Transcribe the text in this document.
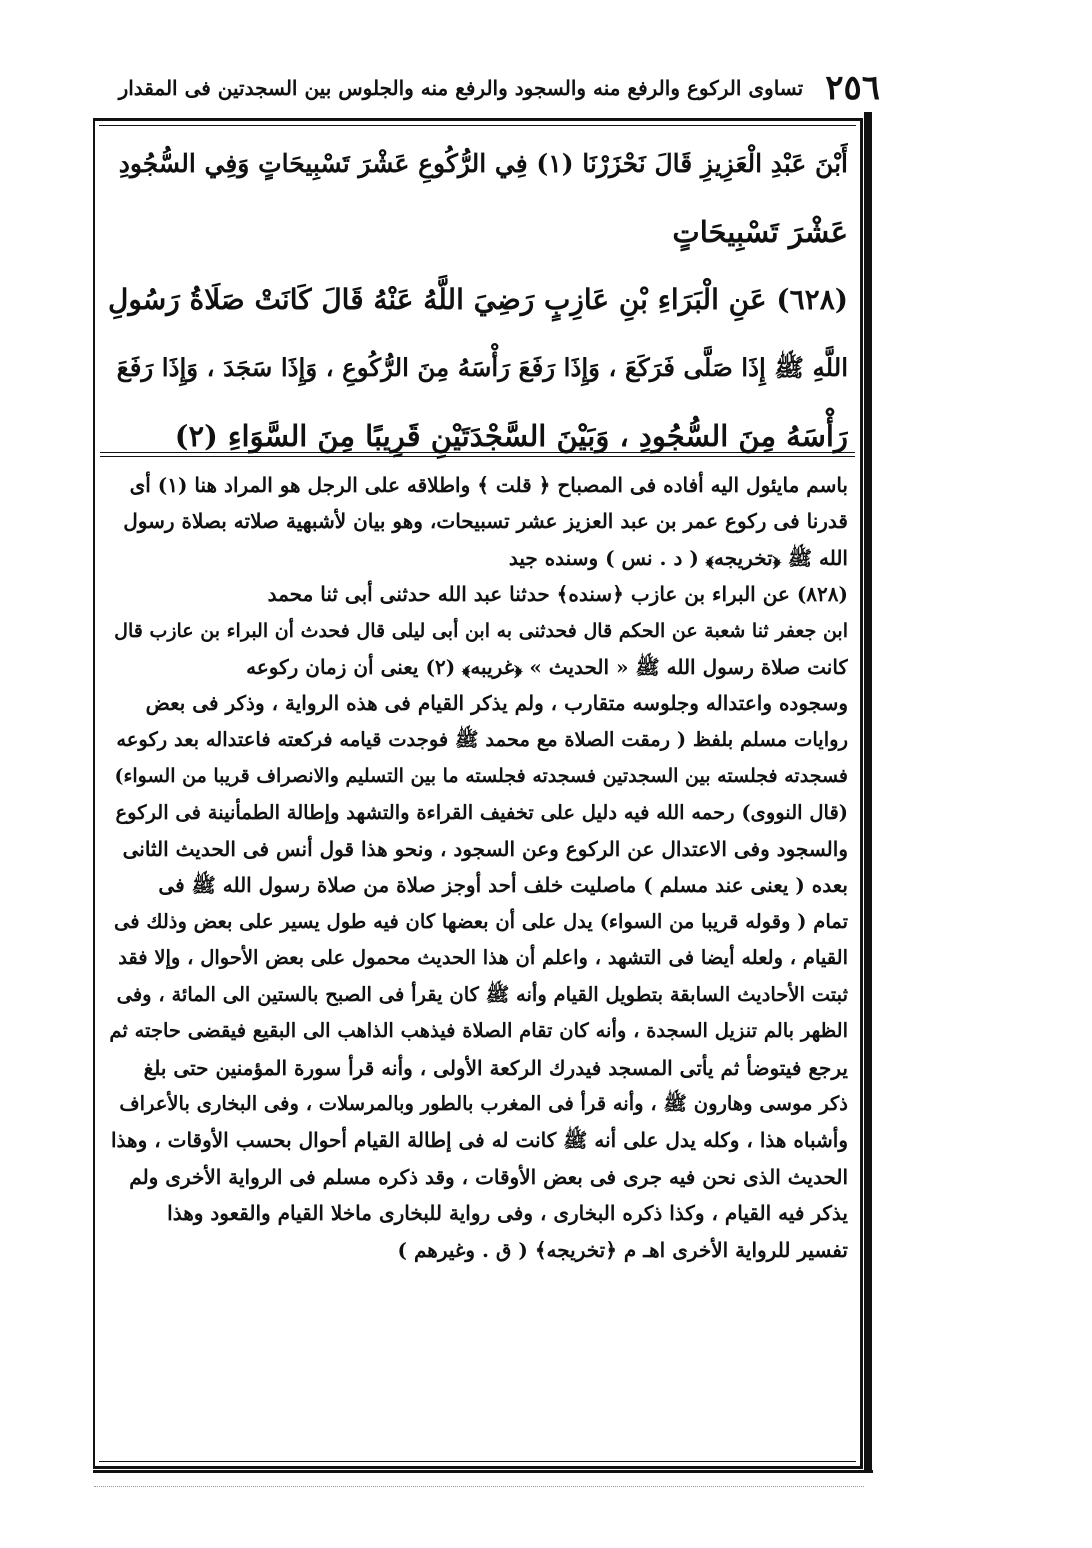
٢٥٦
تساوى الركوع والرفع منه والسجود والرفع منه والجلوس بين السجدتين فى المقدار
أَبْنَ عَبْدِ الْعَزِيزِ قَالَ نَحْزَرْنَا (١) فِي الرُّكُوعِ عَشْرَ تَسْبِيحَاتٍ وَفِي السُّجُودِ
عَشْرَ تَسْبِيحَاتٍ
(٦٢٨) عَنِ الْبَرَاءِ بْنِ عَازِبٍ رَضِيَ اللَّهُ عَنْهُ قَالَ كَانَتْ صَلَاةُ رَسُولِ
اللَّهِ ﷺ إِذَا صَلَّى فَرَكَعَ ، وَإِذَا رَفَعَ رَأْسَهُ مِنَ الرُّكُوعِ ، وَإِذَا سَجَدَ ، وَإِذَا رَفَعَ
رَأْسَهُ مِنَ السُّجُودِ ، وَبَيْنَ السَّجْدَتَيْنِ قَرِيبًا مِنَ السَّوَاءِ (٢)
باسم مايئول اليه أفاده فى المصباح ﴿ قلت ﴾ واطلاقه على الرجل هو المراد هنا (١) أى
قدرنا فى ركوع عمر بن عبد العزيز عشر تسبيحات، وهو بيان لأشبهية صلاته بصلاة رسول
الله ﷺ ﴿تخريجه﴾ ( د . نس ) وسنده جيد
(٨٢٨) عن البراء بن عازب ﴿سنده﴾ حدثنا عبد الله حدثنى أبى ثنا محمد
ابن جعفر ثنا شعبة عن الحكم قال فحدثنى به ابن أبى ليلى قال فحدث أن البراء بن عازب قال
كانت صلاة رسول الله ﷺ « الحديث » ﴿غريبه﴾ (٢) يعنى أن زمان ركوعه
وسجوده واعتداله وجلوسه متقارب ، ولم يذكر القيام فى هذه الرواية ، وذكر فى بعض
روايات مسلم بلفظ ( رمقت الصلاة مع محمد ﷺ فوجدت قيامه فركعته فاعتداله بعد ركوعه
فسجدته فجلسته بين السجدتين فسجدته فجلسته ما بين التسليم والانصراف قريبا من السواء)
(قال النووى) رحمه الله فيه دليل على تخفيف القراءة والتشهد وإطالة الطمأنينة فى الركوع
والسجود وفى الاعتدال عن الركوع وعن السجود ، ونحو هذا قول أنس فى الحديث الثانى
بعده ( يعنى عند مسلم ) ماصليت خلف أحد أوجز صلاة من صلاة رسول الله ﷺ فى
تمام ( وقوله قريبا من السواء) يدل على أن بعضها كان فيه طول يسير على بعض وذلك فى
القيام ، ولعله أيضا فى التشهد ، واعلم أن هذا الحديث محمول على بعض الأحوال ، وإلا فقد
ثبتت الأحاديث السابقة بتطويل القيام وأنه ﷺ كان يقرأ فى الصبح بالستين الى المائة ، وفى
الظهر بالم تنزيل السجدة ، وأنه كان تقام الصلاة فيذهب الذاهب الى البقيع فيقضى حاجته ثم
يرجع فيتوضأ ثم يأتى المسجد فيدرك الركعة الأولى ، وأنه قرأ سورة المؤمنين حتى بلغ
ذكر موسى وهارون ﷺ ، وأنه قرأ فى المغرب بالطور وبالمرسلات ، وفى البخارى بالأعراف
وأشباه هذا ، وكله يدل على أنه ﷺ كانت له فى إطالة القيام أحوال بحسب الأوقات ، وهذا
الحديث الذى نحن فيه جرى فى بعض الأوقات ، وقد ذكره مسلم فى الرواية الأخرى ولم
يذكر فيه القيام ، وكذا ذكره البخارى ، وفى رواية للبخارى ماخلا القيام والقعود وهذا
تفسير للرواية الأخرى اهـ م ﴿تخريجه﴾ ( ق . وغيرهم )
